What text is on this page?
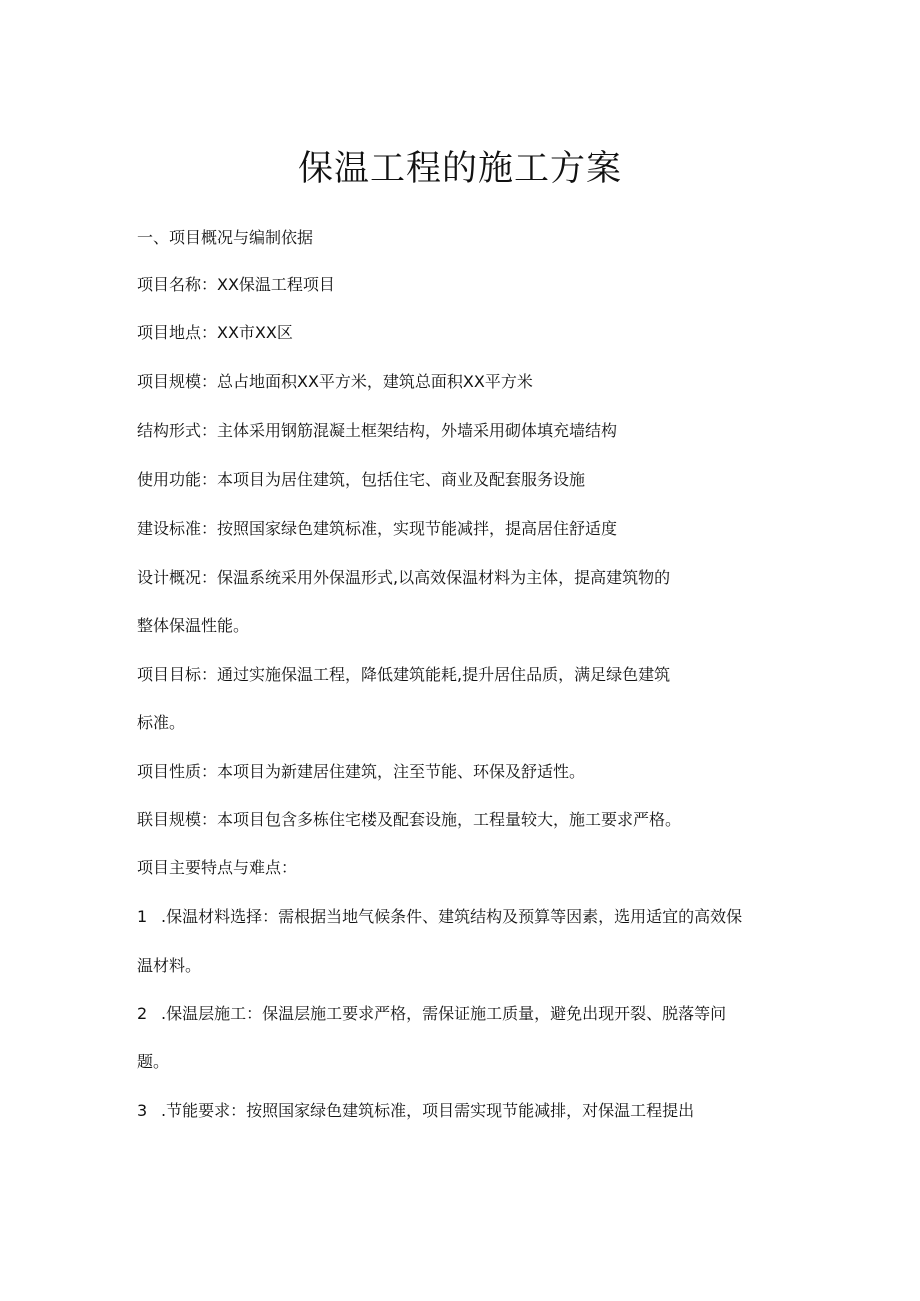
保温工程的施工方案
一、项目概况与编制依据
项目名称：XX保温工程项目
项目地点：XX市XX区
项目规模：总占地面积XX平方米，建筑总面积XX平方米
结构形式：主体采用钢筋混凝土框架结构，外墙采用砌体填充墙结构
使用功能：本项目为居住建筑，包括住宅、商业及配套服务设施
建设标准：按照国家绿色建筑标准，实现节能减拌，提高居住舒适度
设计概况：保温系统采用外保温形式,以高效保温材料为主体，提高建筑物的
整体保温性能。
项目目标：通过实施保温工程，降低建筑能耗,提升居住品质，满足绿色建筑
标准。
项目性质：本项目为新建居住建筑，注至节能、环保及舒适性。
联目规模：本项目包含多栋住宅楼及配套设施，工程量较大，施工要求严格。
项目主要特点与难点：
1 .保温材料选择：需根据当地气候条件、建筑结构及预算等因素，选用适宜的高效保
温材料。
2 .保温层施工：保温层施工要求严格，需保证施工质量，避免出现开裂、脱落等问
题。
3 .节能要求：按照国家绿色建筑标准，项目需实现节能减排，对保温工程提出
